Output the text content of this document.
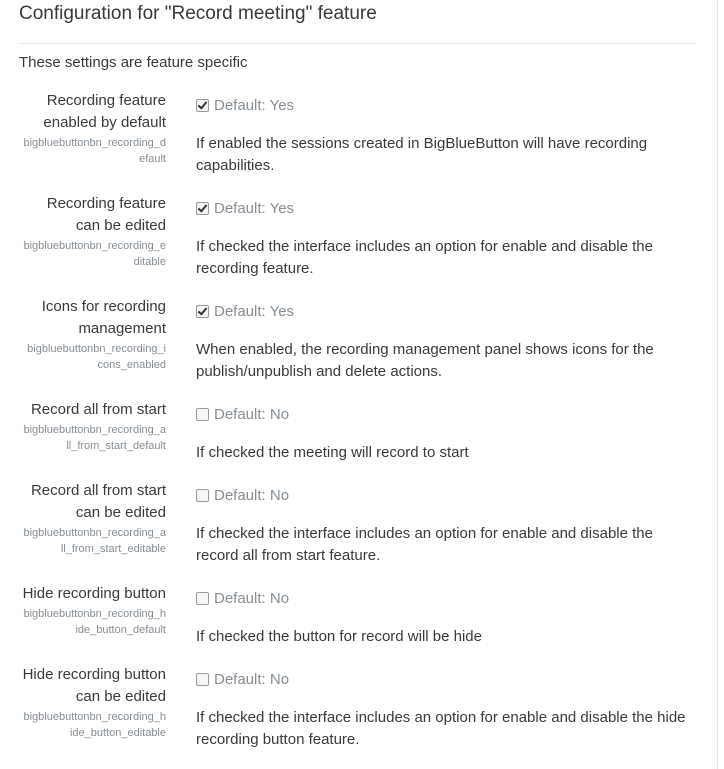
Configuration for "Record meeting" feature
These settings are feature specific
Recording feature
enabled by default
bigbluebuttonbn_recording_d
efault
Default: Yes
If enabled the sessions created in BigBlueButton will have recording capabilities.
Recording feature
can be edited
bigbluebuttonbn_recording_e
ditable
Default: Yes
If checked the interface includes an option for enable and disable the recording feature.
Icons for recording
management
bigbluebuttonbn_recording_i
cons_enabled
Default: Yes
When enabled, the recording management panel shows icons for the publish/unpublish and delete actions.
Record all from start
bigbluebuttonbn_recording_a
ll_from_start_default
Default: No
If checked the meeting will record to start
Record all from start
can be edited
bigbluebuttonbn_recording_a
ll_from_start_editable
Default: No
If checked the interface includes an option for enable and disable the record all from start feature.
Hide recording button
bigbluebuttonbn_recording_h
ide_button_default
Default: No
If checked the button for record will be hide
Hide recording button
can be edited
bigbluebuttonbn_recording_h
ide_button_editable
Default: No
If checked the interface includes an option for enable and disable the hide recording button feature.
